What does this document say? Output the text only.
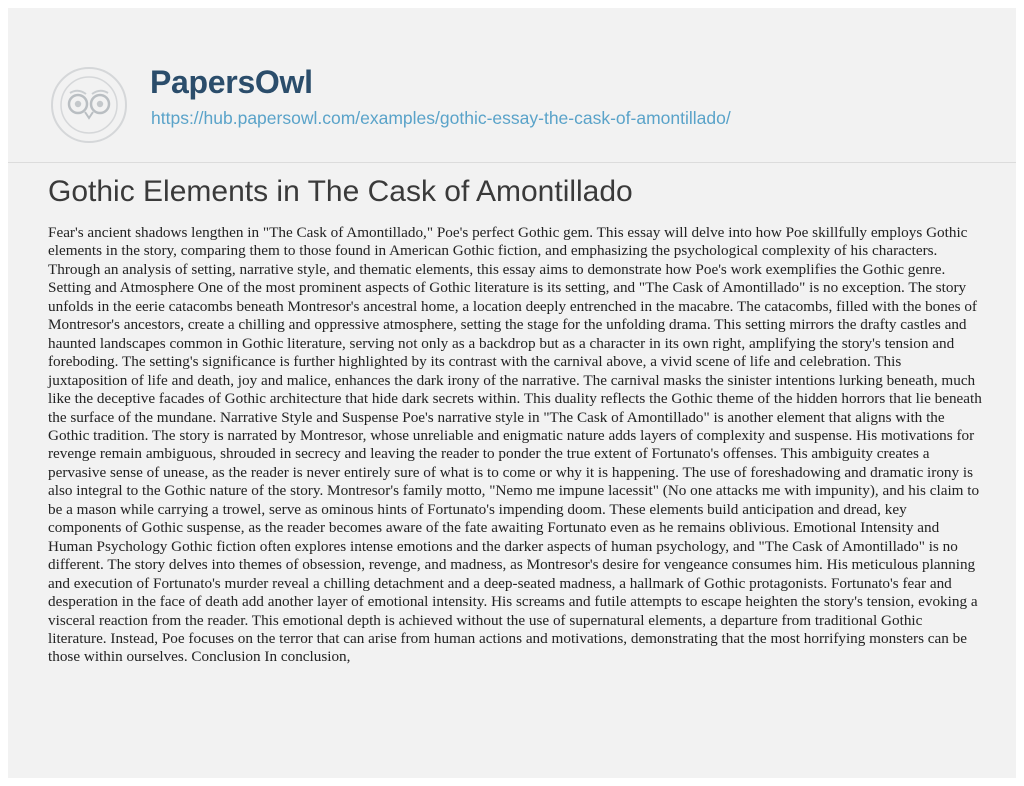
PapersOwl
https://hub.papersowl.com/examples/gothic-essay-the-cask-of-amontillado/
Gothic Elements in The Cask of Amontillado

Fear's ancient shadows lengthen in "The Cask of Amontillado," Poe's perfect Gothic gem. This essay will delve into how Poe skillfully employs Gothic elements in the story, comparing them to those found in American Gothic fiction, and emphasizing the psychological complexity of his characters. Through an analysis of setting, narrative style, and thematic elements, this essay aims to demonstrate how Poe's work exemplifies the Gothic genre. Setting and Atmosphere One of the most prominent aspects of Gothic literature is its setting, and "The Cask of Amontillado" is no exception. The story unfolds in the eerie catacombs beneath Montresor's ancestral home, a location deeply entrenched in the macabre. The catacombs, filled with the bones of Montresor's ancestors, create a chilling and oppressive atmosphere, setting the stage for the unfolding drama. This setting mirrors the drafty castles and haunted landscapes common in Gothic literature, serving not only as a backdrop but as a character in its own right, amplifying the story's tension and foreboding. The setting's significance is further highlighted by its contrast with the carnival above, a vivid scene of life and celebration. This juxtaposition of life and death, joy and malice, enhances the dark irony of the narrative. The carnival masks the sinister intentions lurking beneath, much like the deceptive facades of Gothic architecture that hide dark secrets within. This duality reflects the Gothic theme of the hidden horrors that lie beneath the surface of the mundane. Narrative Style and Suspense Poe's narrative style in "The Cask of Amontillado" is another element that aligns with the Gothic tradition. The story is narrated by Montresor, whose unreliable and enigmatic nature adds layers of complexity and suspense. His motivations for revenge remain ambiguous, shrouded in secrecy and leaving the reader to ponder the true extent of Fortunato's offenses. This ambiguity creates a pervasive sense of unease, as the reader is never entirely sure of what is to come or why it is happening. The use of foreshadowing and dramatic irony is also integral to the Gothic nature of the story. Montresor's family motto, "Nemo me impune lacessit" (No one attacks me with impunity), and his claim to be a mason while carrying a trowel, serve as ominous hints of Fortunato's impending doom. These elements build anticipation and dread, key components of Gothic suspense, as the reader becomes aware of the fate awaiting Fortunato even as he remains oblivious. Emotional Intensity and Human Psychology Gothic fiction often explores intense emotions and the darker aspects of human psychology, and "The Cask of Amontillado" is no different. The story delves into themes of obsession, revenge, and madness, as Montresor's desire for vengeance consumes him. His meticulous planning and execution of Fortunato's murder reveal a chilling detachment and a deep-seated madness, a hallmark of Gothic protagonists. Fortunato's fear and desperation in the face of death add another layer of emotional intensity. His screams and futile attempts to escape heighten the story's tension, evoking a visceral reaction from the reader. This emotional depth is achieved without the use of supernatural elements, a departure from traditional Gothic literature. Instead, Poe focuses on the terror that can arise from human actions and motivations, demonstrating that the most horrifying monsters can be those within ourselves. Conclusion In conclusion,
